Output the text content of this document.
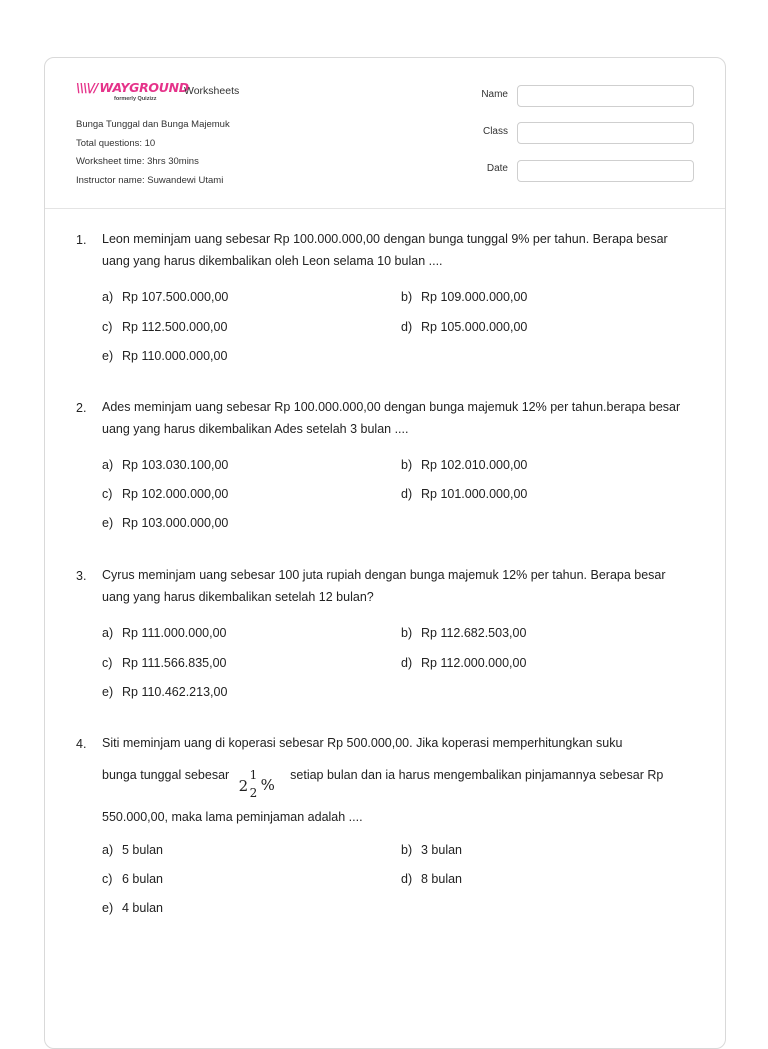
\\\\// WAYGROUND
formerly Quizizz
Worksheets
Bunga Tunggal dan Bunga Majemuk
Total questions: 10
Worksheet time: 3hrs 30mins
Instructor name: Suwandewi Utami
Name
Class
Date
1. Leon meminjam uang sebesar Rp 100.000.000,00 dengan bunga tunggal 9% per tahun. Berapa besar uang yang harus dikembalikan oleh Leon selama 10 bulan ....
a) Rp 107.500.000,00	b) Rp 109.000.000,00
c) Rp 112.500.000,00	d) Rp 105.000.000,00
e) Rp 110.000.000,00
2. Ades meminjam uang sebesar Rp 100.000.000,00 dengan bunga majemuk 12% per tahun.berapa besar uang yang harus dikembalikan Ades setelah 3 bulan ....
a) Rp 103.030.100,00	b) Rp 102.010.000,00
c) Rp 102.000.000,00	d) Rp 101.000.000,00
e) Rp 103.000.000,00
3. Cyrus meminjam uang sebesar 100 juta rupiah dengan bunga majemuk 12% per tahun. Berapa besar uang yang harus dikembalikan setelah 12 bulan?
a) Rp 111.000.000,00	b) Rp 112.682.503,00
c) Rp 111.566.835,00	d) Rp 112.000.000,00
e) Rp 110.462.213,00
4. Siti meminjam uang di koperasi sebesar Rp 500.000,00. Jika koperasi memperhitungkan suku
bunga tunggal sebesar
2
1
2 %
setiap bulan dan ia harus mengembalikan pinjamannya sebesar Rp
550.000,00, maka lama peminjaman adalah ....
a) 5 bulan	b) 3 bulan
c) 6 bulan	d) 8 bulan
e) 4 bulan
